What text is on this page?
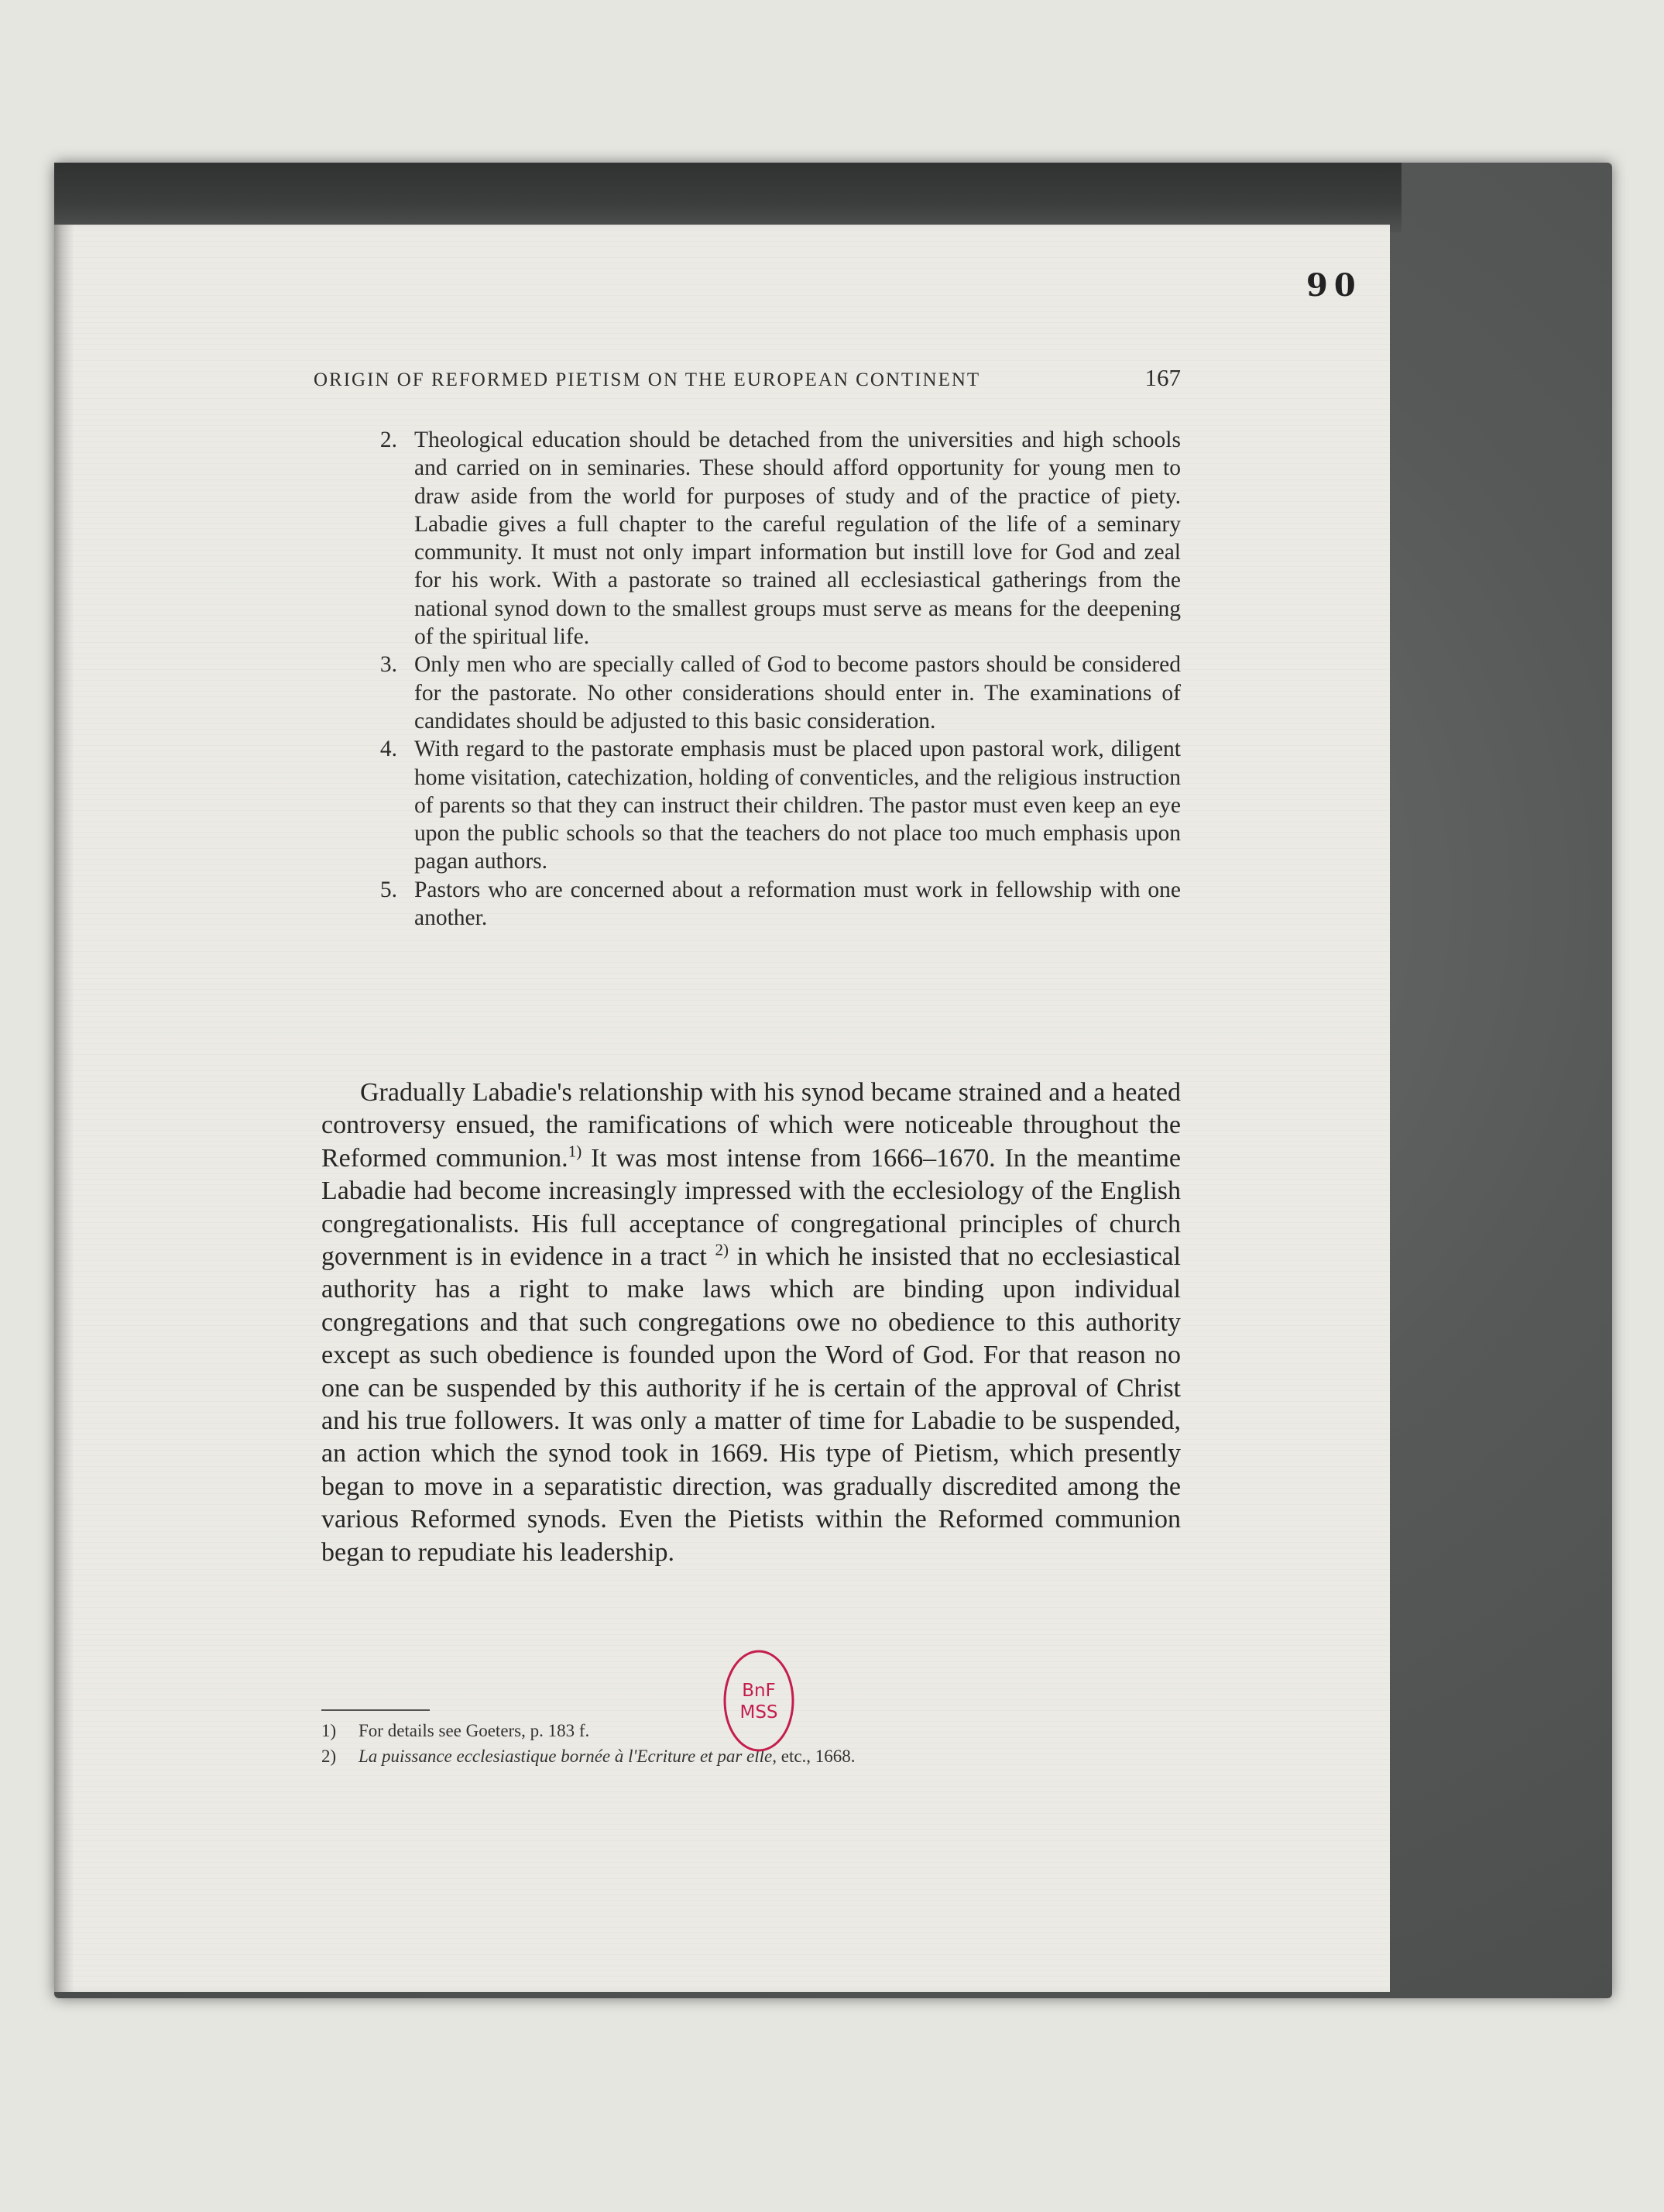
90
ORIGIN OF REFORMED PIETISM ON THE EUROPEAN CONTINENT	167
2. Theological education should be detached from the universities and high schools and carried on in seminaries. These should afford opportunity for young men to draw aside from the world for purposes of study and of the practice of piety. Labadie gives a full chapter to the careful regulation of the life of a seminary community. It must not only impart information but instill love for God and zeal for his work. With a pastorate so trained all ecclesiastical gatherings from the national synod down to the smallest groups must serve as means for the deepening of the spiritual life.
3. Only men who are specially called of God to become pastors should be considered for the pastorate. No other considerations should enter in. The examinations of candidates should be adjusted to this basic consideration.
4. With regard to the pastorate emphasis must be placed upon pastoral work, diligent home visitation, catechization, holding of conventicles, and the religious instruction of parents so that they can instruct their children. The pastor must even keep an eye upon the public schools so that the teachers do not place too much emphasis upon pagan authors.
5. Pastors who are concerned about a reformation must work in fellowship with one another.

Gradually Labadie's relationship with his synod became strained and a heated controversy ensued, the ramifications of which were noticeable throughout the Reformed communion.$^{1)}$ It was most intense from 1666–1670. In the meantime Labadie had become increasingly impressed with the ecclesiology of the English congregationalists. His full acceptance of congregational principles of church government is in evidence in a tract $^{2)}$ in which he insisted that no ecclesiastical authority has a right to make laws which are binding upon individual congregations and that such congregations owe no obedience to this authority except as such obedience is founded upon the Word of God. For that reason no one can be suspended by this authority if he is certain of the approval of Christ and his true followers. It was only a matter of time for Labadie to be suspended, an action which the synod took in 1669. His type of Pietism, which presently began to move in a separatistic direction, was gradually discredited among the various Reformed synods. Even the Pietists within the Reformed communion began to repudiate his leadership.

1) For details see Goeters, p. 183 f.
2) La puissance ecclesiastique bornée à l'Ecriture et par elle, etc., 1668.
BnF
MSS
